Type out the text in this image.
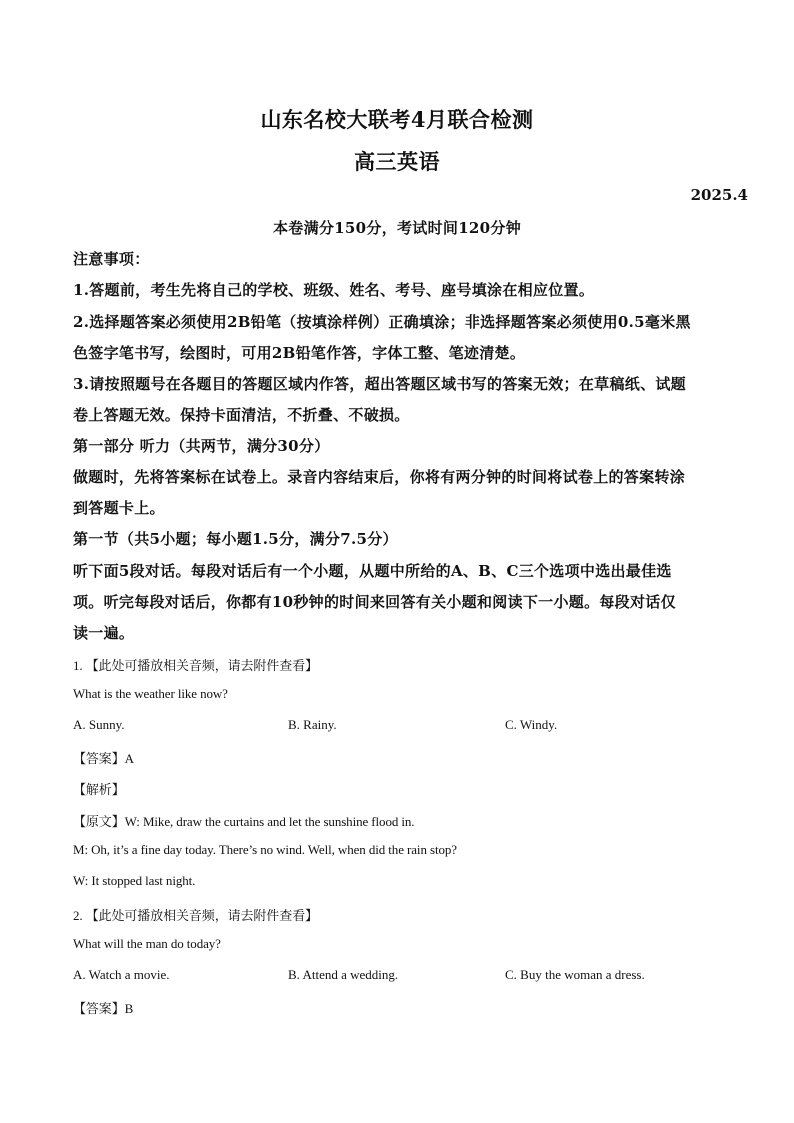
山东名校大联考4月联合检测
高三英语
2025.4
本卷满分150分，考试时间120分钟
注意事项：
1.答题前，考生先将自己的学校、班级、姓名、考号、座号填涂在相应位置。
2.选择题答案必须使用2B铅笔（按填涂样例）正确填涂；非选择题答案必须使用0.5毫米黑
色签字笔书写，绘图时，可用2B铅笔作答，字体工整、笔迹清楚。
3.请按照题号在各题目的答题区域内作答，超出答题区域书写的答案无效；在草稿纸、试题
卷上答题无效。保持卡面清洁，不折叠、不破损。
第一部分 听力（共两节，满分30分）
做题时，先将答案标在试卷上。录音内容结束后，你将有两分钟的时间将试卷上的答案转涂
到答题卡上。
第一节（共5小题；每小题1.5分，满分7.5分）
听下面5段对话。每段对话后有一个小题，从题中所给的A、B、C三个选项中选出最佳选
项。听完每段对话后，你都有10秒钟的时间来回答有关小题和阅读下一小题。每段对话仅
读一遍。
1. 【此处可播放相关音频，请去附件查看】
What is the weather like now?
A. Sunny.	B. Rainy.	C. Windy.
【答案】A
【解析】
【原文】W: Mike, draw the curtains and let the sunshine flood in.
M: Oh, it’s a fine day today. There’s no wind. Well, when did the rain stop?
W: It stopped last night.
2. 【此处可播放相关音频，请去附件查看】
What will the man do today?
A. Watch a movie.	B. Attend a wedding.	C. Buy the woman a dress.
【答案】B
